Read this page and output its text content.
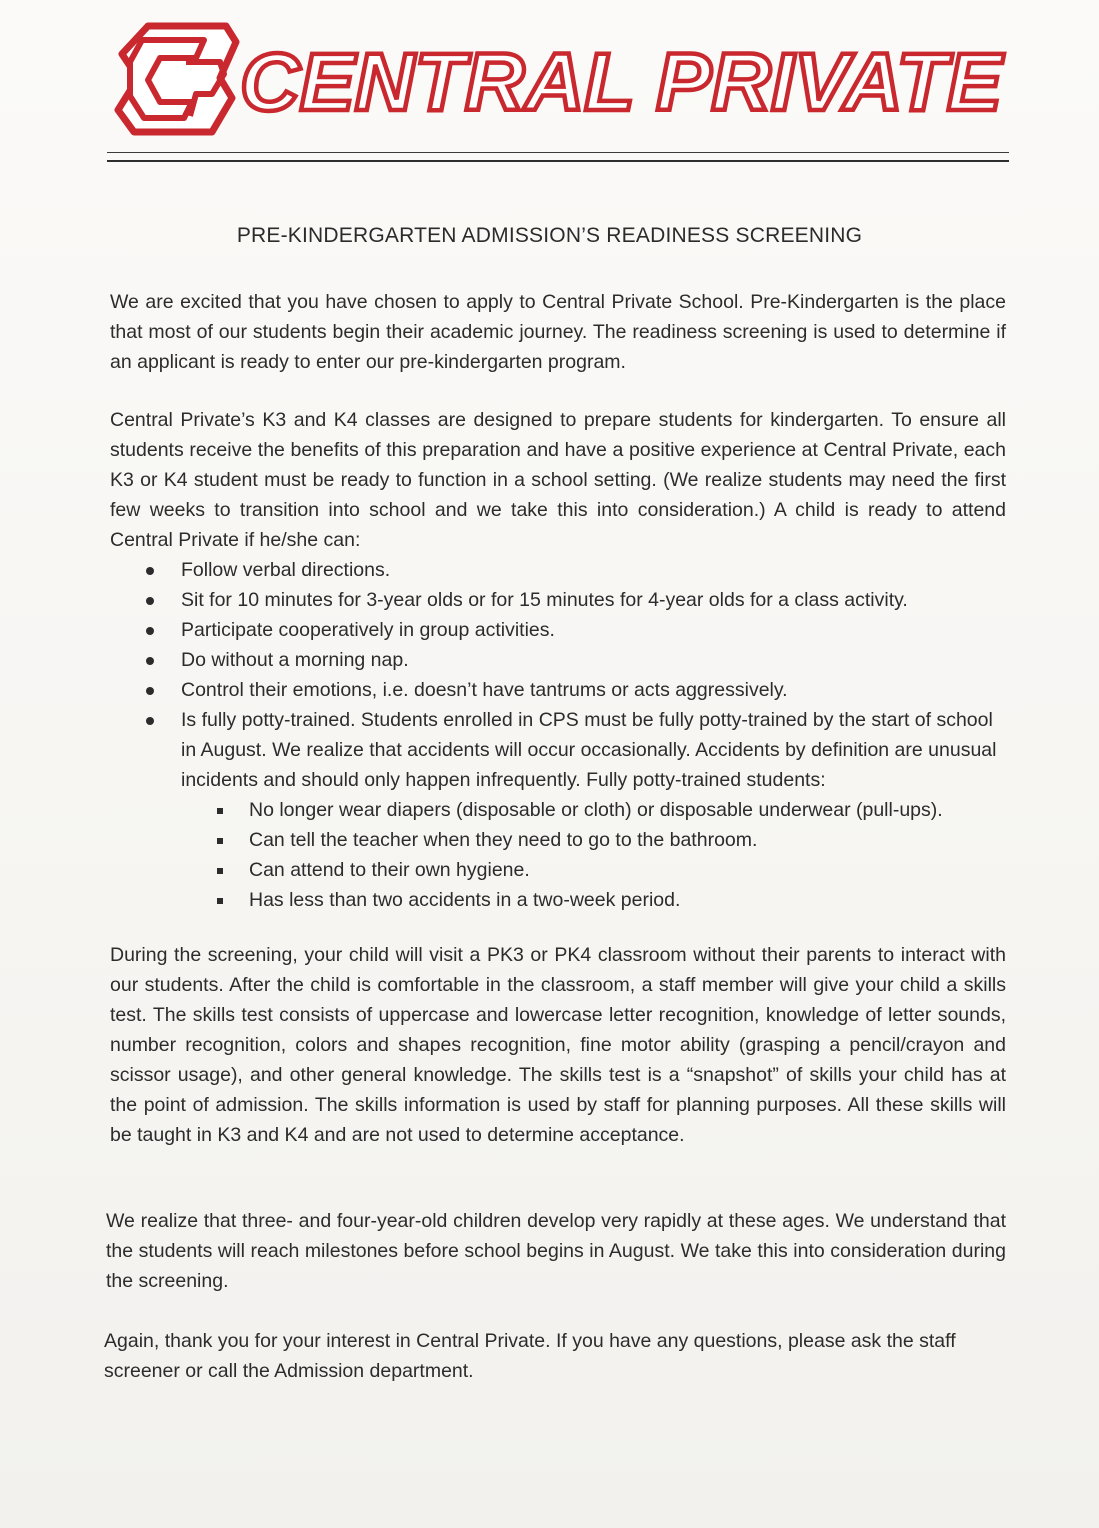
CENTRAL PRIVATE
PRE-KINDERGARTEN ADMISSION’S READINESS SCREENING

We are excited that you have chosen to apply to Central Private School. Pre-Kindergarten is the place that most of our students begin their academic journey. The readiness screening is used to determine if an applicant is ready to enter our pre-kindergarten program.

Central Private’s K3 and K4 classes are designed to prepare students for kindergarten. To ensure all students receive the benefits of this preparation and have a positive experience at Central Private, each K3 or K4 student must be ready to function in a school setting. (We realize students may need the first few weeks to transition into school and we take this into consideration.) A child is ready to attend Central Private if he/she can:

Follow verbal directions.
Sit for 10 minutes for 3-year olds or for 15 minutes for 4-year olds for a class activity.
Participate cooperatively in group activities.
Do without a morning nap.
Control their emotions, i.e. doesn’t have tantrums or acts aggressively.
Is fully potty-trained. Students enrolled in CPS must be fully potty-trained by the start of school in August. We realize that accidents will occur occasionally. Accidents by definition are unusual incidents and should only happen infrequently. Fully potty-trained students:
No longer wear diapers (disposable or cloth) or disposable underwear (pull-ups).
Can tell the teacher when they need to go to the bathroom.
Can attend to their own hygiene.
Has less than two accidents in a two-week period.

During the screening, your child will visit a PK3 or PK4 classroom without their parents to interact with our students. After the child is comfortable in the classroom, a staff member will give your child a skills test. The skills test consists of uppercase and lowercase letter recognition, knowledge of letter sounds, number recognition, colors and shapes recognition, fine motor ability (grasping a pencil/crayon and scissor usage), and other general knowledge. The skills test is a “snapshot” of skills your child has at the point of admission. The skills information is used by staff for planning purposes. All these skills will be taught in K3 and K4 and are not used to determine acceptance.

We realize that three- and four-year-old children develop very rapidly at these ages. We understand that the students will reach milestones before school begins in August. We take this into consideration during the screening.

Again, thank you for your interest in Central Private. If you have any questions, please ask the staff screener or call the Admission department.
